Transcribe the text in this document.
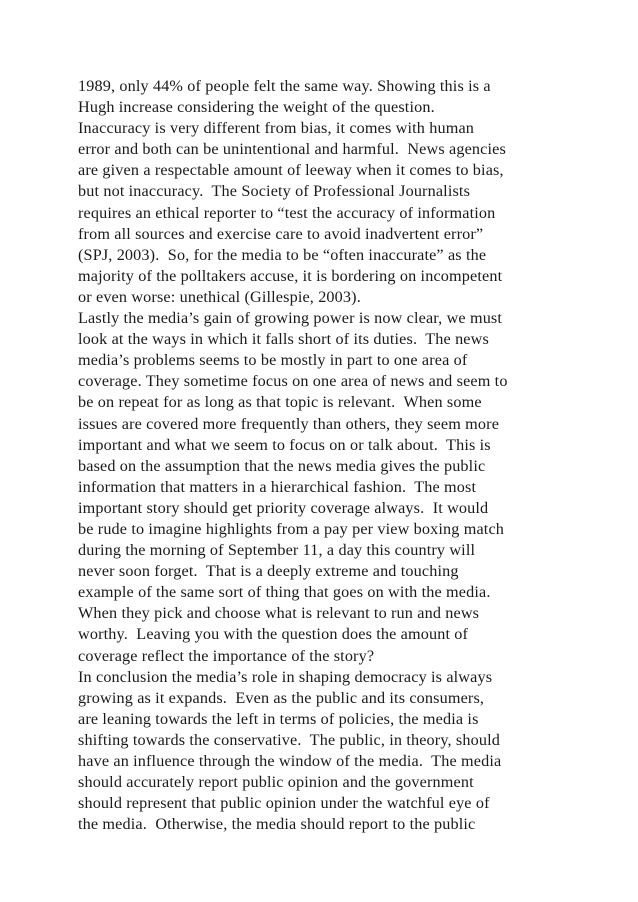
1989, only 44% of people felt the same way. Showing this is a
Hugh increase considering the weight of the question.
Inaccuracy is very different from bias, it comes with human
error and both can be unintentional and harmful.  News agencies
are given a respectable amount of leeway when it comes to bias,
but not inaccuracy.  The Society of Professional Journalists
requires an ethical reporter to “test the accuracy of information
from all sources and exercise care to avoid inadvertent error”
(SPJ, 2003).  So, for the media to be “often inaccurate” as the
majority of the polltakers accuse, it is bordering on incompetent
or even worse: unethical (Gillespie, 2003).
Lastly the media’s gain of growing power is now clear, we must
look at the ways in which it falls short of its duties.  The news
media’s problems seems to be mostly in part to one area of
coverage. They sometime focus on one area of news and seem to
be on repeat for as long as that topic is relevant.  When some
issues are covered more frequently than others, they seem more
important and what we seem to focus on or talk about.  This is
based on the assumption that the news media gives the public
information that matters in a hierarchical fashion.  The most
important story should get priority coverage always.  It would
be rude to imagine highlights from a pay per view boxing match
during the morning of September 11, a day this country will
never soon forget.  That is a deeply extreme and touching
example of the same sort of thing that goes on with the media.
When they pick and choose what is relevant to run and news
worthy.  Leaving you with the question does the amount of
coverage reflect the importance of the story?
In conclusion the media’s role in shaping democracy is always
growing as it expands.  Even as the public and its consumers,
are leaning towards the left in terms of policies, the media is
shifting towards the conservative.  The public, in theory, should
have an influence through the window of the media.  The media
should accurately report public opinion and the government
should represent that public opinion under the watchful eye of
the media.  Otherwise, the media should report to the public
